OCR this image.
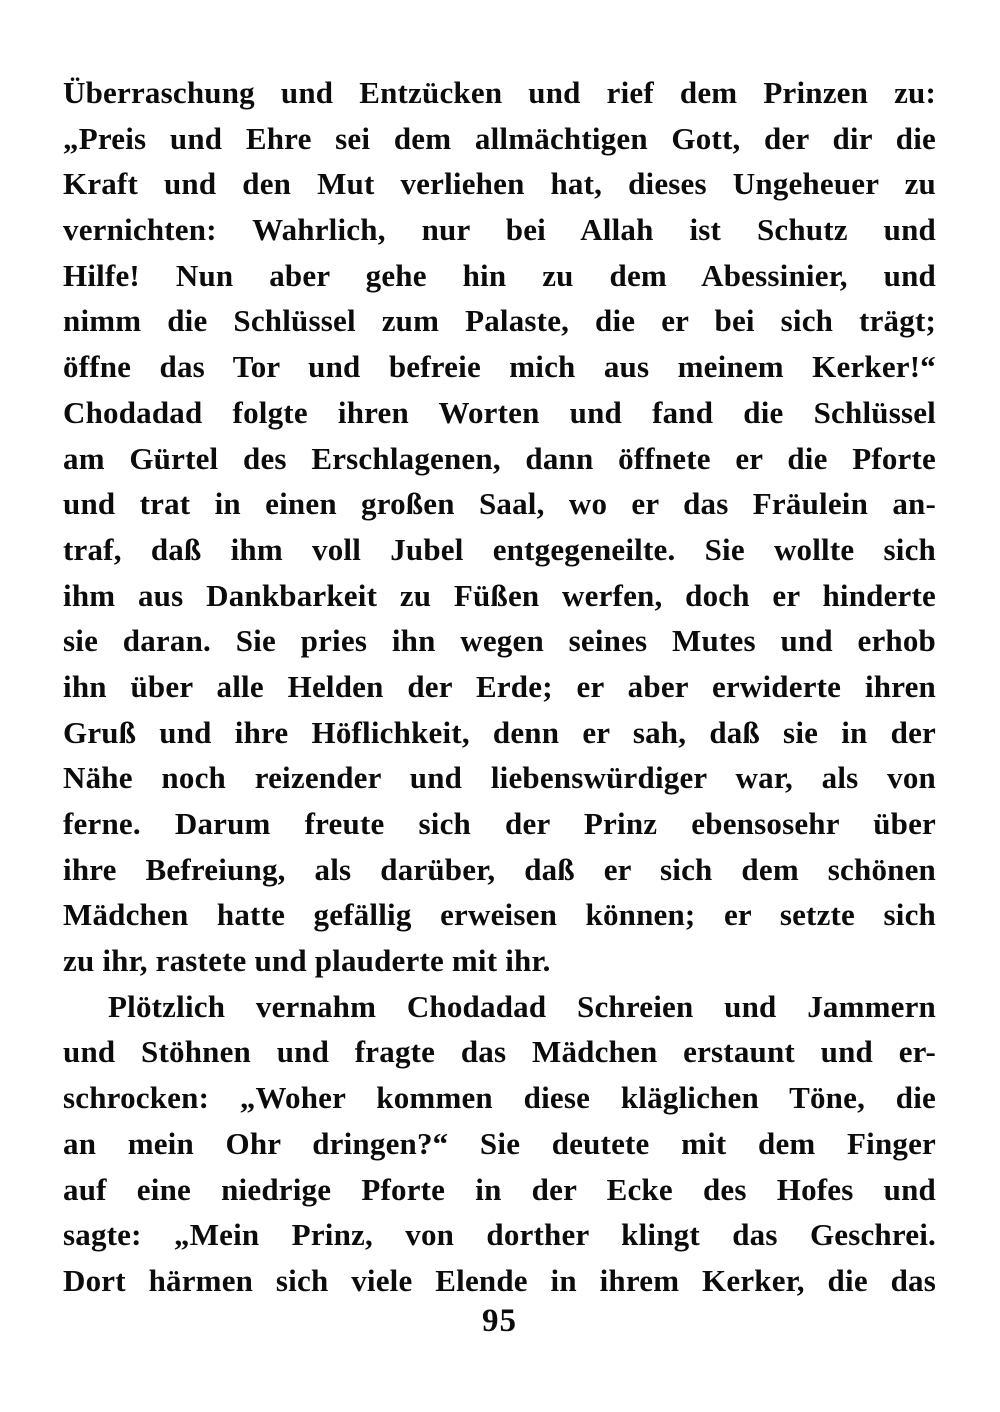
Überraschung und Entzücken und rief dem Prinzen zu:
„Preis und Ehre sei dem allmächtigen Gott, der dir die
Kraft und den Mut verliehen hat, dieses Ungeheuer zu
vernichten: Wahrlich, nur bei Allah ist Schutz und
Hilfe! Nun aber gehe hin zu dem Abessinier, und
nimm die Schlüssel zum Palaste, die er bei sich trägt;
öffne das Tor und befreie mich aus meinem Kerker!“
Chodadad folgte ihren Worten und fand die Schlüssel
am Gürtel des Erschlagenen, dann öffnete er die Pforte
und trat in einen großen Saal, wo er das Fräulein an-
traf, daß ihm voll Jubel entgegeneilte. Sie wollte sich
ihm aus Dankbarkeit zu Füßen werfen, doch er hinderte
sie daran. Sie pries ihn wegen seines Mutes und erhob
ihn über alle Helden der Erde; er aber erwiderte ihren
Gruß und ihre Höflichkeit, denn er sah, daß sie in der
Nähe noch reizender und liebenswürdiger war, als von
ferne. Darum freute sich der Prinz ebensosehr über
ihre Befreiung, als darüber, daß er sich dem schönen
Mädchen hatte gefällig erweisen können; er setzte sich
zu ihr, rastete und plauderte mit ihr.
Plötzlich vernahm Chodadad Schreien und Jammern
und Stöhnen und fragte das Mädchen erstaunt und er-
schrocken: „Woher kommen diese kläglichen Töne, die
an mein Ohr dringen?“ Sie deutete mit dem Finger
auf eine niedrige Pforte in der Ecke des Hofes und
sagte: „Mein Prinz, von dorther klingt das Geschrei.
Dort härmen sich viele Elende in ihrem Kerker, die das
95
